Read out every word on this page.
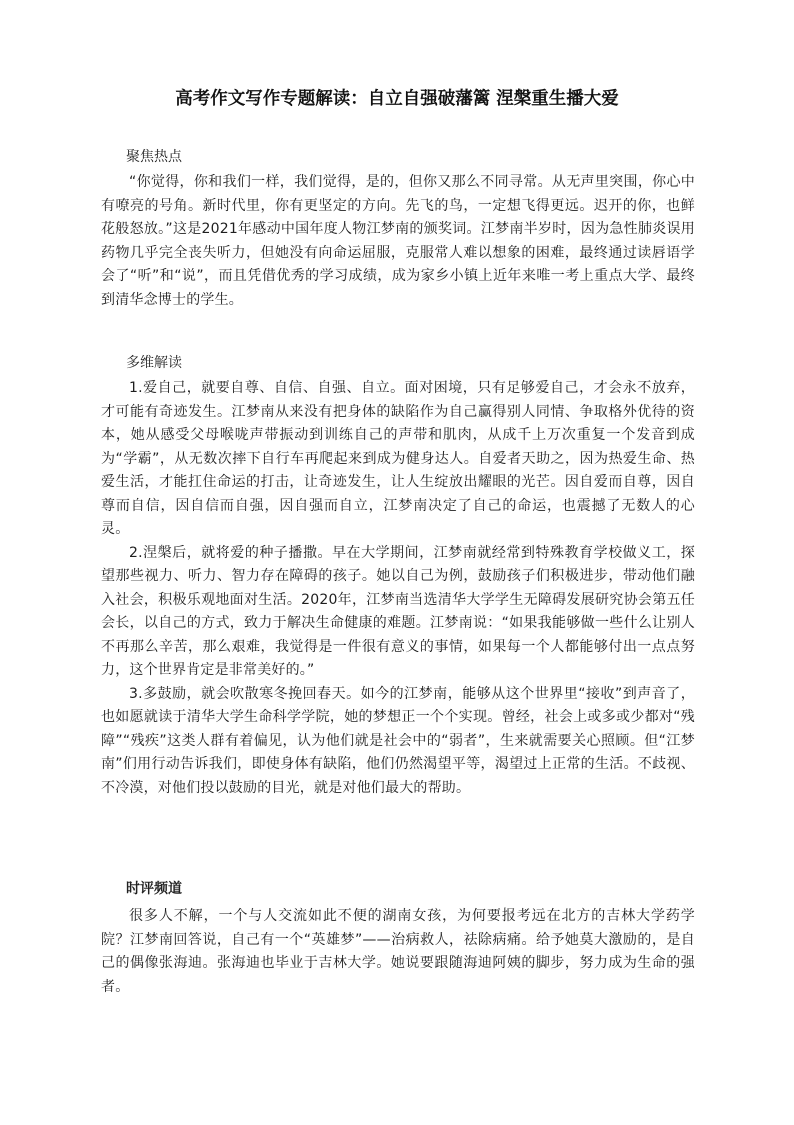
高考作文写作专题解读：自立自强破藩篱 涅槃重生播大爱
聚焦热点

“你觉得，你和我们一样，我们觉得，是的，但你又那么不同寻常。从无声里突围，你心中有嘹亮的号角。新时代里，你有更坚定的方向。先飞的鸟，一定想飞得更远。迟开的你，也鲜花般怒放。”这是2021年感动中国年度人物江梦南的颁奖词。江梦南半岁时，因为急性肺炎误用药物几乎完全丧失听力，但她没有向命运屈服，克服常人难以想象的困难，最终通过读唇语学会了“听”和“说”，而且凭借优秀的学习成绩，成为家乡小镇上近年来唯一考上重点大学、最终到清华念博士的学生。

多维解读

1.爱自己，就要自尊、自信、自强、自立。面对困境，只有足够爱自己，才会永不放弃，才可能有奇迹发生。江梦南从来没有把身体的缺陷作为自己赢得别人同情、争取格外优待的资本，她从感受父母喉咙声带振动到训练自己的声带和肌肉，从成千上万次重复一个发音到成为“学霸”，从无数次摔下自行车再爬起来到成为健身达人。自爱者天助之，因为热爱生命、热爱生活，才能扛住命运的打击，让奇迹发生，让人生绽放出耀眼的光芒。因自爱而自尊，因自尊而自信，因自信而自强，因自强而自立，江梦南决定了自己的命运，也震撼了无数人的心灵。

2.涅槃后，就将爱的种子播撒。早在大学期间，江梦南就经常到特殊教育学校做义工，探望那些视力、听力、智力存在障碍的孩子。她以自己为例，鼓励孩子们积极进步，带动他们融入社会，积极乐观地面对生活。2020年，江梦南当选清华大学学生无障碍发展研究协会第五任会长，以自己的方式，致力于解决生命健康的难题。江梦南说：“如果我能够做一些什么让别人不再那么辛苦，那么艰难，我觉得是一件很有意义的事情，如果每一个人都能够付出一点点努力，这个世界肯定是非常美好的。”

3.多鼓励，就会吹散寒冬挽回春天。如今的江梦南，能够从这个世界里“接收”到声音了，也如愿就读于清华大学生命科学学院，她的梦想正一个个实现。曾经，社会上或多或少都对“残障”“残疾”这类人群有着偏见，认为他们就是社会中的“弱者”，生来就需要关心照顾。但“江梦南”们用行动告诉我们，即使身体有缺陷，他们仍然渴望平等，渴望过上正常的生活。不歧视、不冷漠，对他们投以鼓励的目光，就是对他们最大的帮助。

时评频道

很多人不解，一个与人交流如此不便的湖南女孩，为何要报考远在北方的吉林大学药学院？江梦南回答说，自己有一个“英雄梦”——治病救人，祛除病痛。给予她莫大激励的，是自己的偶像张海迪。张海迪也毕业于吉林大学。她说要跟随海迪阿姨的脚步，努力成为生命的强者。
